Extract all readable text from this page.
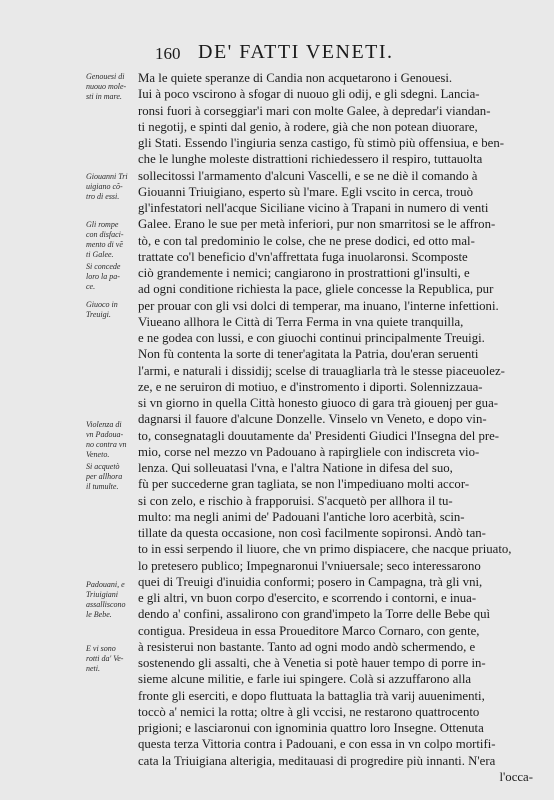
160 DE' FATTI VENETI.
Ma le quiete speranze di Candia non acquetarono i Genouesi.
Iui à poco vscirono à sfogar di nuouo gli odij, e gli sdegni. Lancia-
ronsi fuori à corseggiar'i mari con molte Galee, à depredar'i viandan-
ti negotij, e spinti dal genio, à rodere, già che non potean diuorare,
gli Stati. Essendo l'ingiuria senza castigo, fù stimò più offensiua, e ben-
che le lunghe moleste distrattioni richiedessero il respiro, tuttauolta
sollecitossi l'armamento d'alcuni Vascelli, e se ne diè il comando à
Giouanni Triuigiano, esperto sù l'mare. Egli vscito in cerca, trouò
gl'infestatori nell'acque Siciliane vicino à Trapani in numero di venti
Galee. Erano le sue per metà inferiori, pur non smarritosi se le affron-
tò, e con tal predominio le colse, che ne prese dodici, ed otto mal-
trattate co'l beneficio d'vn'affrettata fuga inuolaronsi. Scomposte
ciò grandemente i nemici; cangiarono in prostrattioni gl'insulti, e
ad ogni conditione richiesta la pace, gliele concesse la Republica, pur
per prouar con gli vsi dolci di temperar, ma inuano, l'interne infettioni.
Viueano allhora le Città di Terra Ferma in vna quiete tranquilla,
e ne godea con lussi, e con giuochi continui principalmente Treuigi.
Non fù contenta la sorte di tener'agitata la Patria, dou'eran seruenti
l'armi, e naturali i dissidij; scelse di trauagliarla trà le stesse piaceuolez-
ze, e ne seruiron di motiuo, e d'instromento i diporti. Solennizzaua-
si vn giorno in quella Città honesto giuoco di gara trà giouenj per gua-
dagnarsi il fauore d'alcune Donzelle. Vinselo vn Veneto, e dopo vin-
to, consegnatagli douutamente da' Presidenti Giudici l'Insegna del pre-
mio, corse nel mezzo vn Padouano à rapirgliele con indiscreta vio-
lenza. Qui solleuatasi l'vna, e l'altra Natione in difesa del suo,
fù per succederne gran tagliata, se non l'impediuano molti accor-
si con zelo, e rischio à frapporuisi. S'acquetò per allhora il tu-
multo: ma negli animi de' Padouani l'antiche loro acerbità, scin-
tillate da questa occasione, non così facilmente sopironsi. Andò tan-
to in essi serpendo il liuore, che vn primo dispiacere, che nacque priuato,
lo pretesero publico; Impegnaronui l'vniuersale; seco interessarono
quei di Treuigi d'inuidia conformi; posero in Campagna, trà gli vni,
e gli altri, vn buon corpo d'esercito, e scorrendo i contorni, e inua-
dendo a' confini, assalirono con grand'impeto la Torre delle Bebe quì
contigua. Presideua in essa Proueditore Marco Cornaro, con gente,
à resisterui non bastante. Tanto ad ogni modo andò schermendo, e
sostenendo gli assalti, che à Venetia si potè hauer tempo di porre in-
sieme alcune militie, e farle iui spingere. Colà si azzuffarono alla
fronte gli eserciti, e dopo fluttuata la battaglia trà varij auuenimenti,
toccò a' nemici la rotta; oltre à gli vccisi, ne restarono quattrocento
prigioni; e lasciaronui con ignominia quattro loro Insegne. Ottenuta
questa terza Vittoria contra i Padouani, e con essa in vn colpo mortifi-
cata la Triuigiana alterigia, meditauasi di progredire più innanti. N'era
l'occa-
Genouesi di
nuouo mole-
sti in mare.
Giouanni Tri
uigiano cõ-
tro di essi.
Gli rompe
con disfaci-
mento di vẽ
ti Galee.
Si concede
loro la pa-
ce.
Giuoco in
Treuigi.
Violenza di
vn Padoua-
no contra vn
Veneto.
Si acquetò
per allhora
il tumulte.
Padouani, e
Triuigiani
assalliscono
le Bebe.
E vi sono
rotti da' Ve-
neti.
